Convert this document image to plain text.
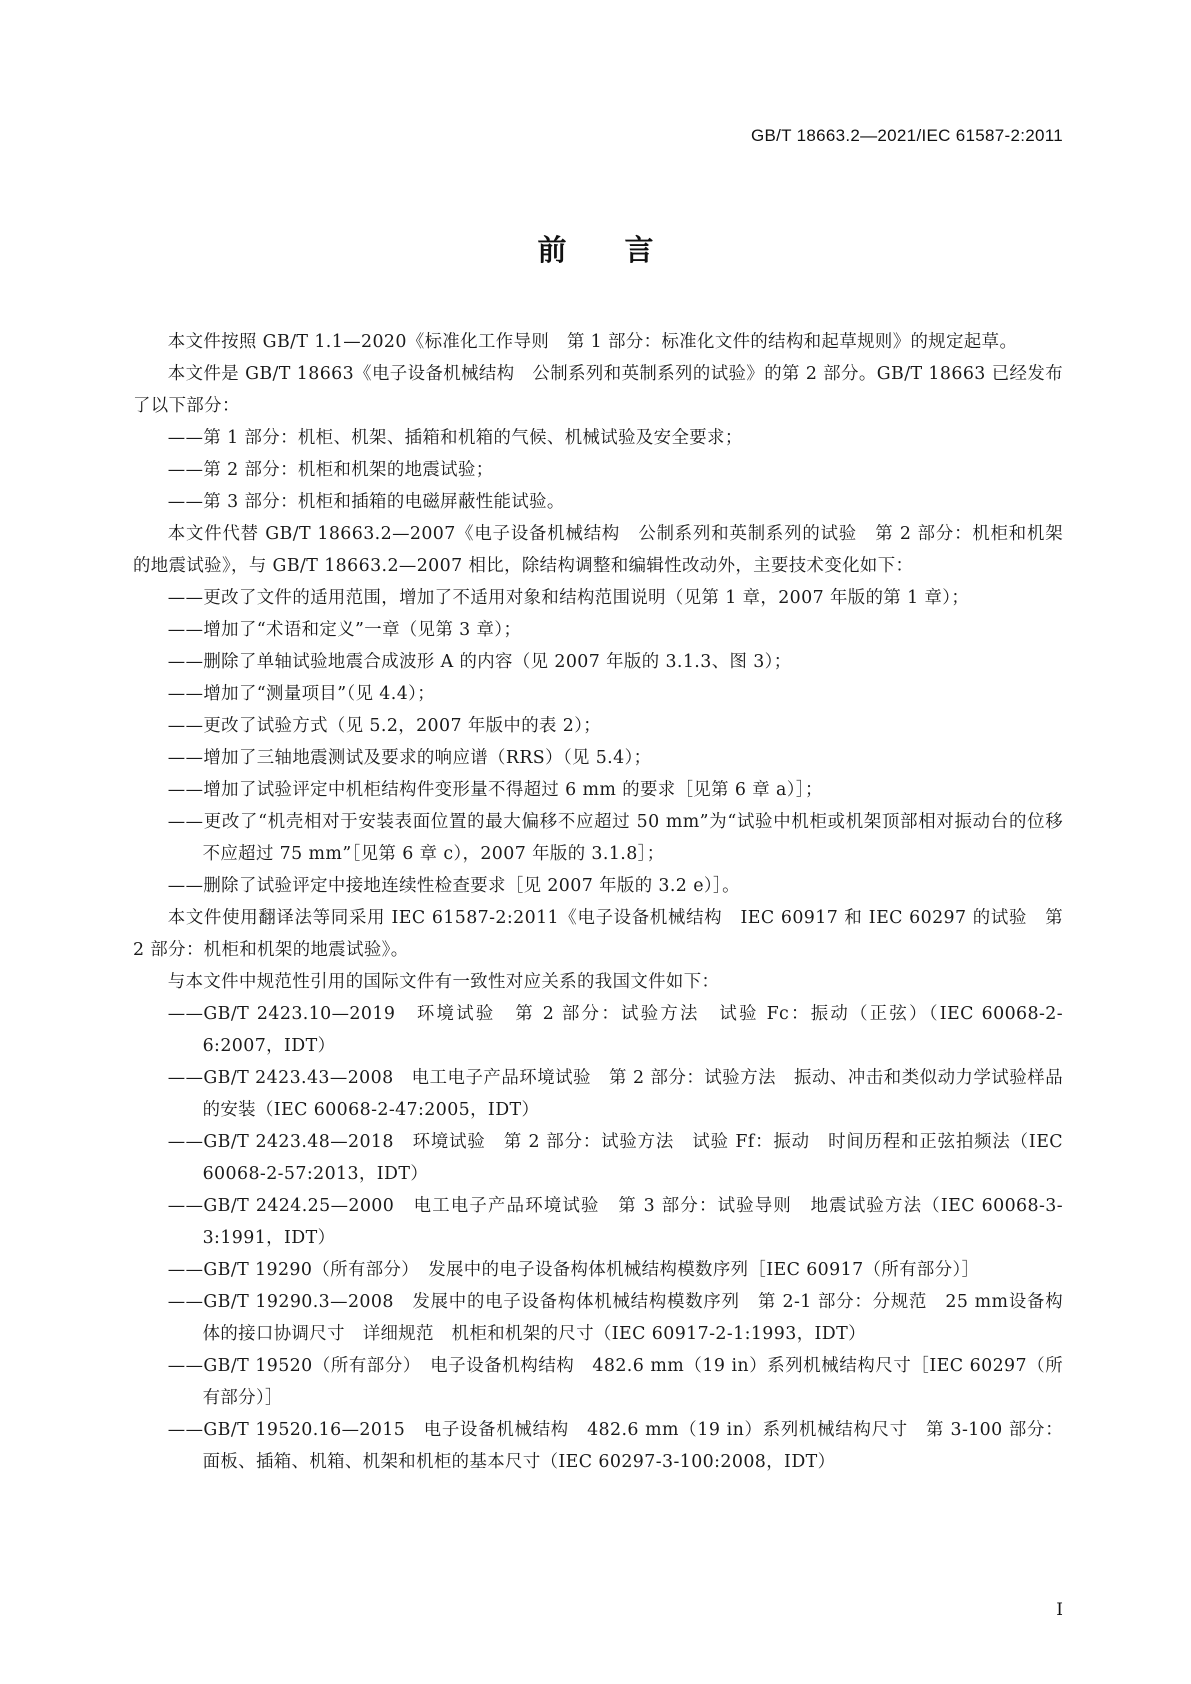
GB/T 18663.2—2021/IEC 61587-2:2011
前言

本文件按照 GB/T 1.1—2020《标准化工作导则　第 1 部分：标准化文件的结构和起草规则》的规定起草。

本文件是 GB/T 18663《电子设备机械结构　公制系列和英制系列的试验》的第 2 部分。GB/T 18663 已经发布了以下部分：

——第 1 部分：机柜、机架、插箱和机箱的气候、机械试验及安全要求；

——第 2 部分：机柜和机架的地震试验；

——第 3 部分：机柜和插箱的电磁屏蔽性能试验。

本文件代替 GB/T 18663.2—2007《电子设备机械结构　公制系列和英制系列的试验　第 2 部分：机柜和机架的地震试验》，与 GB/T 18663.2—2007 相比，除结构调整和编辑性改动外，主要技术变化如下：

——更改了文件的适用范围，增加了不适用对象和结构范围说明（见第 1 章，2007 年版的第 1 章）；

——增加了“术语和定义”一章（见第 3 章）；

——删除了单轴试验地震合成波形 A 的内容（见 2007 年版的 3.1.3、图 3）；

——增加了“测量项目”（见 4.4）；

——更改了试验方式（见 5.2，2007 年版中的表 2）；

——增加了三轴地震测试及要求的响应谱（RRS）（见 5.4）；

——增加了试验评定中机柜结构件变形量不得超过 6 mm 的要求［见第 6 章 a）］；

——更改了“机壳相对于安装表面位置的最大偏移不应超过 50 mm”为“试验中机柜或机架顶部相对振动台的位移不应超过 75 mm”［见第 6 章 c），2007 年版的 3.1.8］；

——删除了试验评定中接地连续性检查要求［见 2007 年版的 3.2 e）］。

本文件使用翻译法等同采用 IEC 61587-2:2011《电子设备机械结构　IEC 60917 和 IEC 60297 的试验　第 2 部分：机柜和机架的地震试验》。

与本文件中规范性引用的国际文件有一致性对应关系的我国文件如下：

——GB/T 2423.10—2019　环境试验　第 2 部分：试验方法　试验 Fc：振动（正弦）（IEC 60068-2-6:2007，IDT）

——GB/T 2423.43—2008　电工电子产品环境试验　第 2 部分：试验方法　振动、冲击和类似动力学试验样品的安装（IEC 60068-2-47:2005，IDT）

——GB/T 2423.48—2018　环境试验　第 2 部分：试验方法　试验 Ff：振动　时间历程和正弦拍频法（IEC 60068-2-57:2013，IDT）

——GB/T 2424.25—2000　电工电子产品环境试验　第 3 部分：试验导则　地震试验方法（IEC 60068-3-3:1991，IDT）

——GB/T 19290（所有部分）　发展中的电子设备构体机械结构模数序列［IEC 60917（所有部分）］

——GB/T 19290.3—2008　发展中的电子设备构体机械结构模数序列　第 2-1 部分：分规范　25 mm设备构体的接口协调尺寸　详细规范　机柜和机架的尺寸（IEC 60917-2-1:1993，IDT）

——GB/T 19520（所有部分）　电子设备机构结构　482.6 mm（19 in）系列机械结构尺寸［IEC 60297（所有部分）］

——GB/T 19520.16—2015　电子设备机械结构　482.6 mm（19 in）系列机械结构尺寸　第 3-100 部分：面板、插箱、机箱、机架和机柜的基本尺寸（IEC 60297-3-100:2008，IDT）

I
